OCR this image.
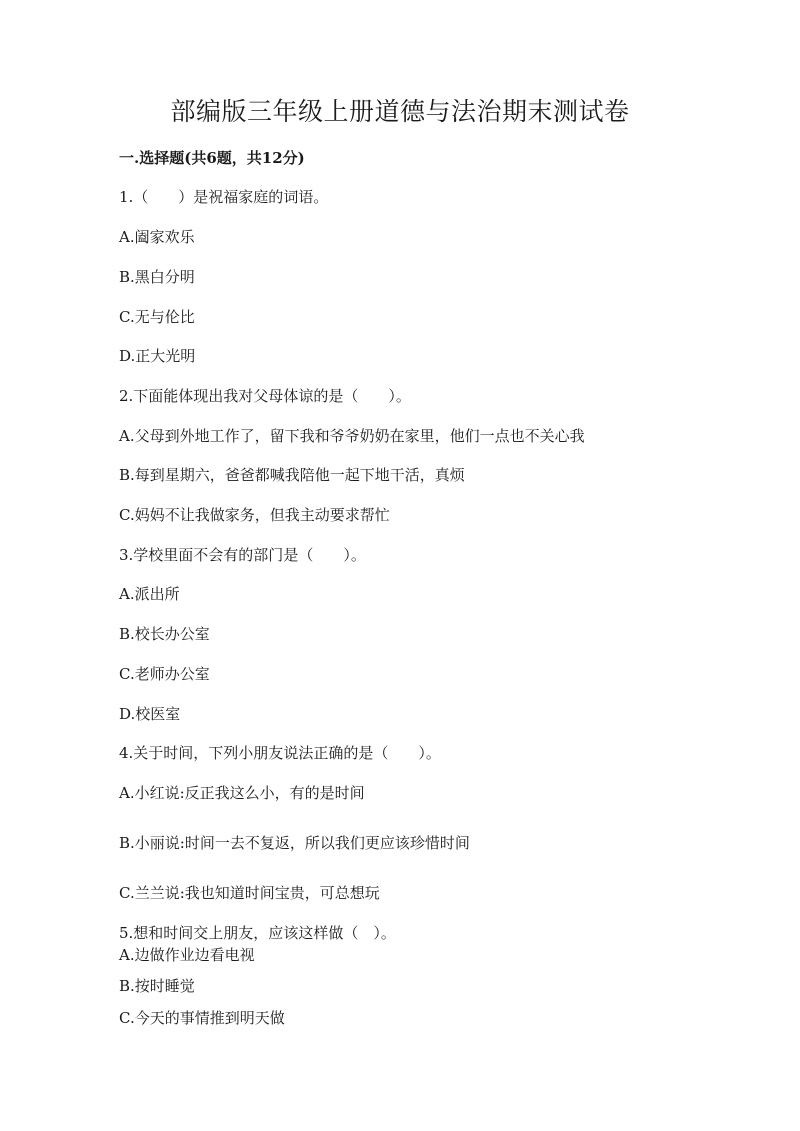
部编版三年级上册道德与法治期末测试卷
一.选择题(共6题，共12分)
1.（　　）是祝福家庭的词语。
A.阖家欢乐
B.黑白分明
C.无与伦比
D.正大光明
2.下面能体现出我对父母体谅的是（　　）。
A.父母到外地工作了，留下我和爷爷奶奶在家里，他们一点也不关心我
B.每到星期六，爸爸都喊我陪他一起下地干活，真烦
C.妈妈不让我做家务，但我主动要求帮忙
3.学校里面不会有的部门是（　　）。
A.派出所
B.校长办公室
C.老师办公室
D.校医室
4.关于时间，下列小朋友说法正确的是（　　）。
A.小红说:反正我这么小，有的是时间
B.小丽说:时间一去不复返，所以我们更应该珍惜时间
C.兰兰说:我也知道时间宝贵，可总想玩
5.想和时间交上朋友，应该这样做（　）。
A.边做作业边看电视
B.按时睡觉
C.今天的事情推到明天做
